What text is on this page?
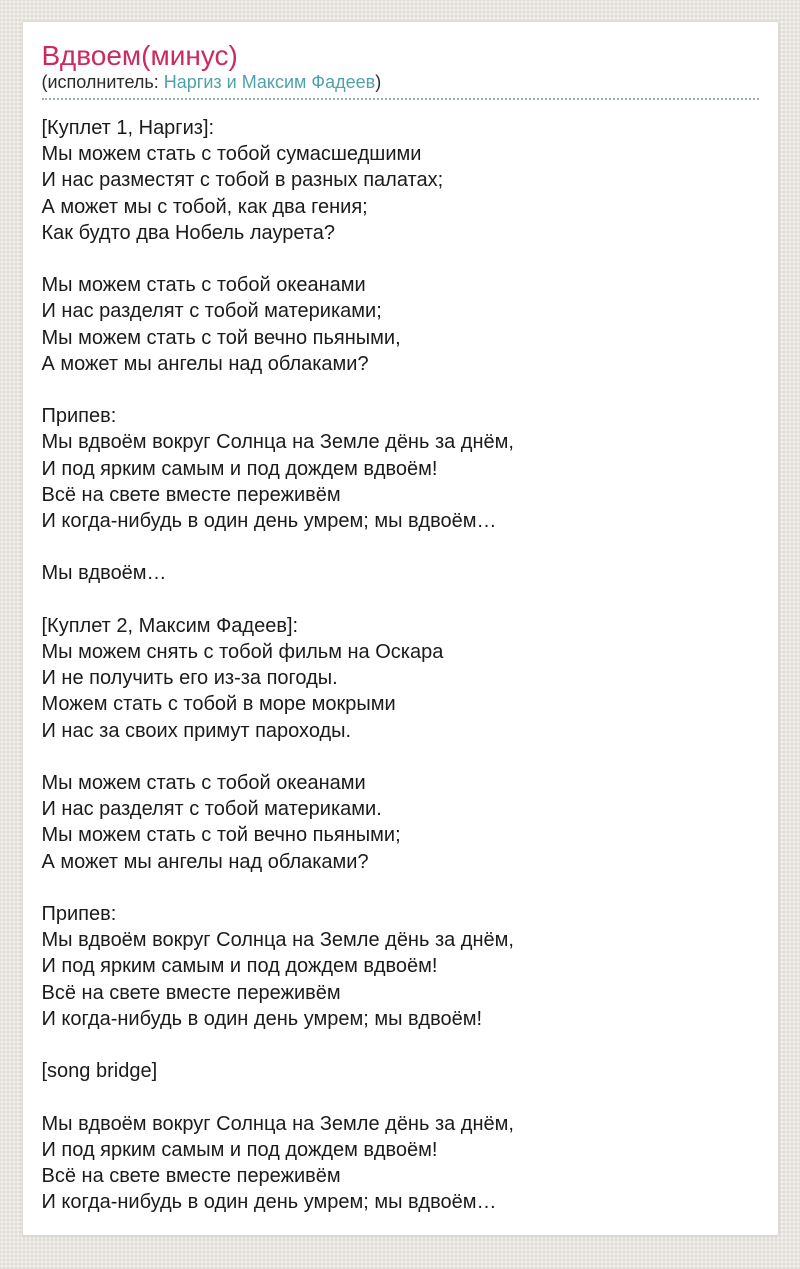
Вдвоем(минус)

(исполнитель: Наргиз и Максим Фадеев)

[Куплет 1, Наргиз]:
Мы можем стать с тобой сумасшедшими
И нас разместят с тобой в разных палатах;
А может мы с тобой, как два гения;
Как будто два Нобель лаурета?

Мы можем стать с тобой океанами
И нас разделят с тобой материками;
Мы можем стать с той вечно пьяными,
А может мы ангелы над облаками?

Припев:
Мы вдвоём вокруг Солнца на Земле дёнь за днём,
И под ярким самым и под дождем вдвоём!
Всё на свете вместе переживём
И когда-нибудь в один день умрем; мы вдвоём…

Мы вдвоём…

[Куплет 2, Максим Фадеев]:
Мы можем снять с тобой фильм на Оскара
И не получить его из-за погоды.
Можем стать с тобой в море мокрыми
И нас за своих примут пароходы.

Мы можем стать с тобой океанами
И нас разделят с тобой материками.
Мы можем стать с той вечно пьяными;
А может мы ангелы над облаками?

Припев:
Мы вдвоём вокруг Солнца на Земле дёнь за днём,
И под ярким самым и под дождем вдвоём!
Всё на свете вместе переживём
И когда-нибудь в один день умрем; мы вдвоём!

[song bridge]

Мы вдвоём вокруг Солнца на Земле дёнь за днём,
И под ярким самым и под дождем вдвоём!
Всё на свете вместе переживём
И когда-нибудь в один день умрем; мы вдвоём…
